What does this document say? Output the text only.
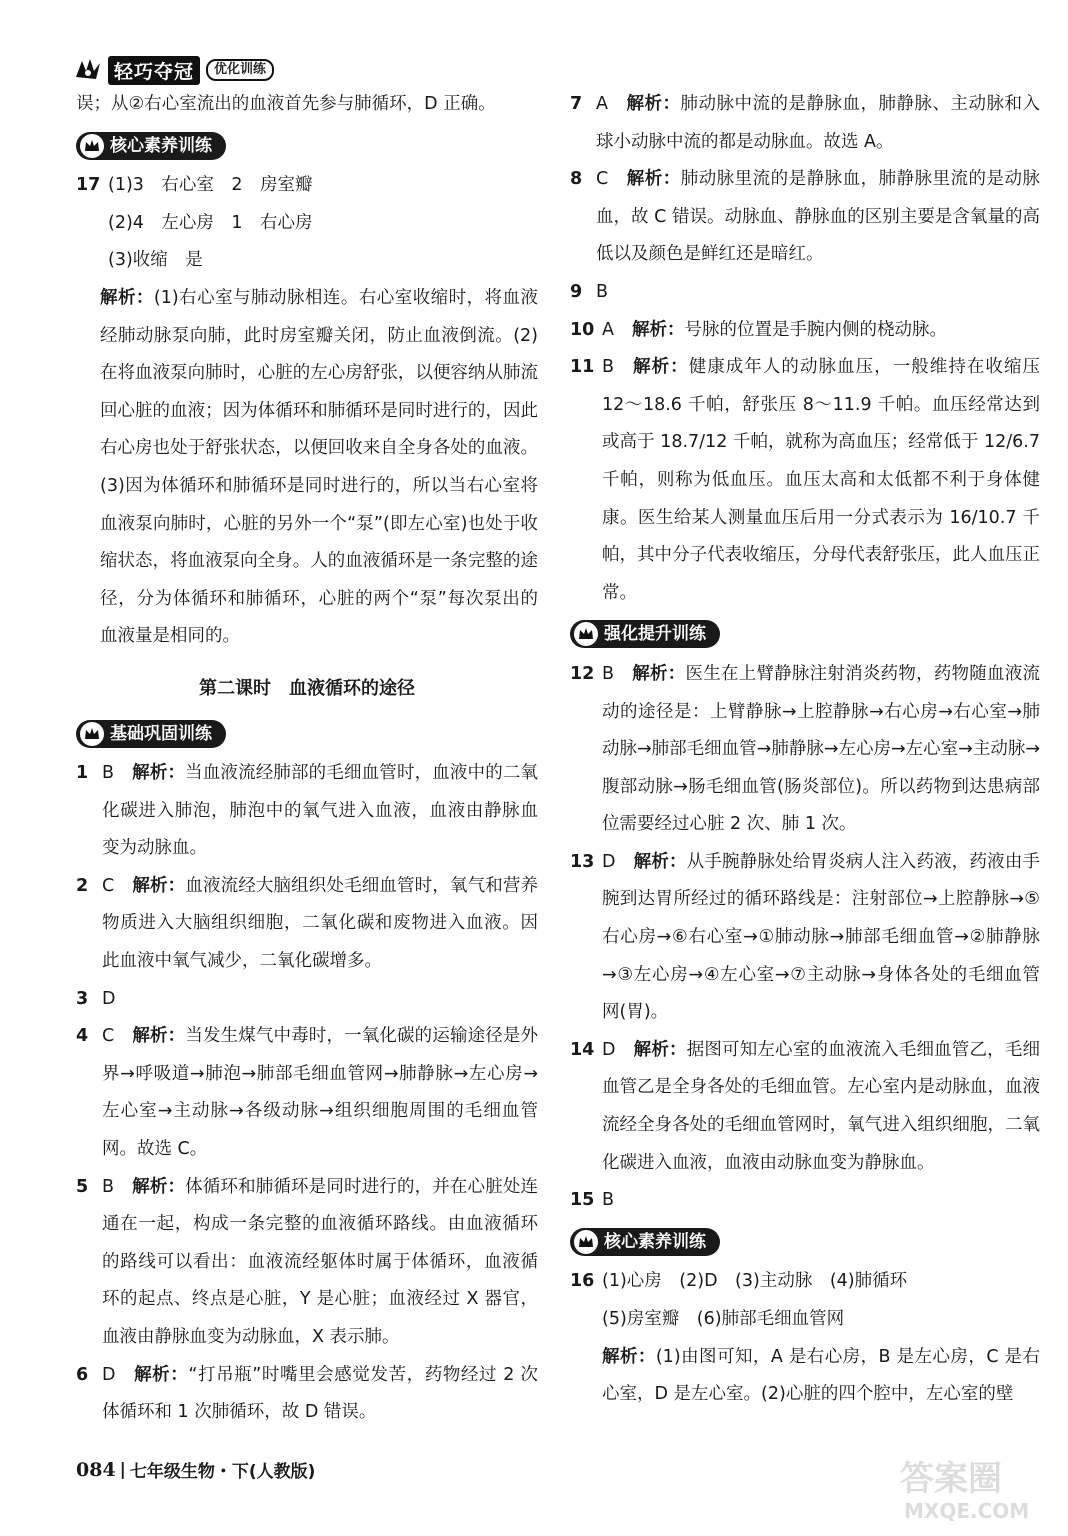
轻巧夺冠	优化训练

误；从②右心室流出的血液首先参与肺循环，D 正确。

核心素养训练
17 (1)3　右心室　2　房室瓣
(2)4　左心房　1　右心房
(3)收缩　是

解析：(1)右心室与肺动脉相连。右心室收缩时，将血液经肺动脉泵向肺，此时房室瓣关闭，防止血液倒流。(2)在将血液泵向肺时，心脏的左心房舒张，以便容纳从肺流回心脏的血液；因为体循环和肺循环是同时进行的，因此右心房也处于舒张状态，以便回收来自全身各处的血液。(3)因为体循环和肺循环是同时进行的，所以当右心室将血液泵向肺时，心脏的另外一个“泵”(即左心室)也处于收缩状态，将血液泵向全身。人的血液循环是一条完整的途径，分为体循环和肺循环，心脏的两个“泵”每次泵出的血液量是相同的。

第二课时　血液循环的途径
基础巩固训练
1 B 解析：当血液流经肺部的毛细血管时，血液中的二氧化碳进入肺泡，肺泡中的氧气进入血液，血液由静脉血变为动脉血。
2 C 解析：血液流经大脑组织处毛细血管时，氧气和营养物质进入大脑组织细胞，二氧化碳和废物进入血液。因此血液中氧气减少，二氧化碳增多。
3 D
4 C 解析：当发生煤气中毒时，一氧化碳的运输途径是外界→呼吸道→肺泡→肺部毛细血管网→肺静脉→左心房→左心室→主动脉→各级动脉→组织细胞周围的毛细血管网。故选 C。
5 B 解析：体循环和肺循环是同时进行的，并在心脏处连通在一起，构成一条完整的血液循环路线。由血液循环的路线可以看出：血液流经躯体时属于体循环，血液循环的起点、终点是心脏，Y 是心脏；血液经过 X 器官，血液由静脉血变为动脉血，X 表示肺。
6 D 解析：“打吊瓶”时嘴里会感觉发苦，药物经过 2 次体循环和 1 次肺循环，故 D 错误。
7 A 解析：肺动脉中流的是静脉血，肺静脉、主动脉和入球小动脉中流的都是动脉血。故选 A。
8 C 解析：肺动脉里流的是静脉血，肺静脉里流的是动脉血，故 C 错误。动脉血、静脉血的区别主要是含氧量的高低以及颜色是鲜红还是暗红。
9 B
10 A 解析：号脉的位置是手腕内侧的桡动脉。
11 B 解析：健康成年人的动脉血压，一般维持在收缩压 12～18.6 千帕，舒张压 8～11.9 千帕。血压经常达到或高于 18.7/12 千帕，就称为高血压；经常低于 12/6.7 千帕，则称为低血压。血压太高和太低都不利于身体健康。医生给某人测量血压后用一分式表示为 16/10.7 千帕，其中分子代表收缩压，分母代表舒张压，此人血压正常。
强化提升训练
12 B 解析：医生在上臂静脉注射消炎药物，药物随血液流动的途径是：上臂静脉→上腔静脉→右心房→右心室→肺动脉→肺部毛细血管→肺静脉→左心房→左心室→主动脉→腹部动脉→肠毛细血管(肠炎部位)。所以药物到达患病部位需要经过心脏 2 次、肺 1 次。
13 D 解析：从手腕静脉处给胃炎病人注入药液，药液由手腕到达胃所经过的循环路线是：注射部位→上腔静脉→⑤右心房→⑥右心室→①肺动脉→肺部毛细血管→②肺静脉→③左心房→④左心室→⑦主动脉→身体各处的毛细血管网(胃)。
14 D 解析：据图可知左心室的血液流入毛细血管乙，毛细血管乙是全身各处的毛细血管。左心室内是动脉血，血液流经全身各处的毛细血管网时，氧气进入组织细胞，二氧化碳进入血液，血液由动脉血变为静脉血。
15 B
核心素养训练
16 (1)心房　(2)D　(3)主动脉　(4)肺循环
(5)房室瓣　(6)肺部毛细血管网
解析：(1)由图可知，A 是右心房，B 是左心房，C 是右心室，D 是左心室。(2)心脏的四个腔中，左心室的壁
084 | 七年级生物・下(人教版)	答案圈
MXQE.COM
